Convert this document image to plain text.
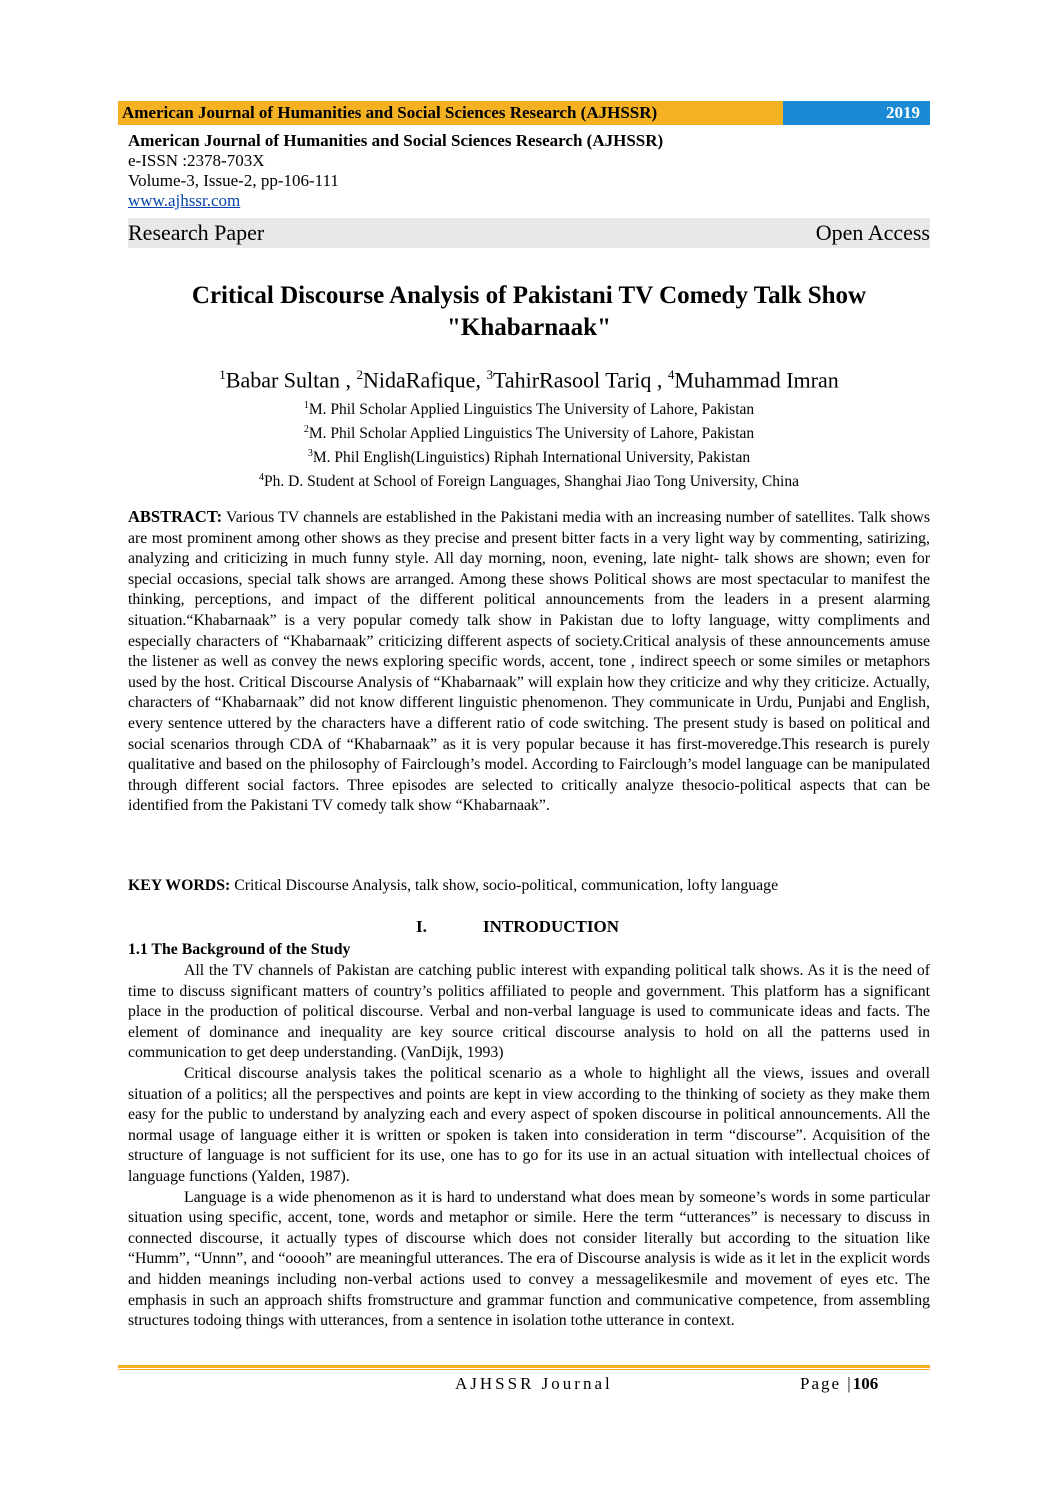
American Journal of Humanities and Social Sciences Research (AJHSSR)	2019
American Journal of Humanities and Social Sciences Research (AJHSSR)
e-ISSN :2378-703X
Volume-3, Issue-2, pp-106-111
www.ajhssr.com
Research Paper	Open Access
Critical Discourse Analysis of Pakistani TV Comedy Talk Show
"Khabarnaak"
$^1$Babar Sultan , $^2$NidaRafique, $^3$TahirRasool Tariq , $^4$Muhammad Imran
$^1$M. Phil Scholar Applied Linguistics The University of Lahore, Pakistan
$^2$M. Phil Scholar Applied Linguistics The University of Lahore, Pakistan
$^3$M. Phil English(Linguistics) Riphah International University, Pakistan
$^4$Ph. D. Student at School of Foreign Languages, Shanghai Jiao Tong University, China
ABSTRACT: Various TV channels are established in the Pakistani media with an increasing number of satellites. Talk shows are most prominent among other shows as they precise and present bitter facts in a very light way by commenting, satirizing, analyzing and criticizing in much funny style. All day morning, noon, evening, late night- talk shows are shown; even for special occasions, special talk shows are arranged. Among these shows Political shows are most spectacular to manifest the thinking, perceptions, and impact of the different political announcements from the leaders in a present alarming situation.“Khabarnaak” is a very popular comedy talk show in Pakistan due to lofty language, witty compliments and especially characters of “Khabarnaak” criticizing different aspects of society.Critical analysis of these announcements amuse the listener as well as convey the news exploring specific words, accent, tone , indirect speech or some similes or metaphors used by the host. Critical Discourse Analysis of “Khabarnaak” will explain how they criticize and why they criticize. Actually, characters of “Khabarnaak” did not know different linguistic phenomenon. They communicate in Urdu, Punjabi and English, every sentence uttered by the characters have a different ratio of code switching. The present study is based on political and social scenarios through CDA of “Khabarnaak” as it is very popular because it has first-moveredge.This research is purely qualitative and based on the philosophy of Fairclough’s model. According to Fairclough’s model language can be manipulated through different social factors. Three episodes are selected to critically analyze thesocio-political aspects that can be identified from the Pakistani TV comedy talk show “Khabarnaak”.
KEY WORDS: Critical Discourse Analysis, talk show, socio-political, communication, lofty language
I.	INTRODUCTION
1.1 The Background of the Study

All the TV channels of Pakistan are catching public interest with expanding political talk shows. As it is the need of time to discuss significant matters of country’s politics affiliated to people and government. This platform has a significant place in the production of political discourse. Verbal and non-verbal language is used to communicate ideas and facts. The element of dominance and inequality are key source critical discourse analysis to hold on all the patterns used in communication to get deep understanding. (VanDijk, 1993)

Critical discourse analysis takes the political scenario as a whole to highlight all the views, issues and overall situation of a politics; all the perspectives and points are kept in view according to the thinking of society as they make them easy for the public to understand by analyzing each and every aspect of spoken discourse in political announcements. All the normal usage of language either it is written or spoken is taken into consideration in term “discourse”. Acquisition of the structure of language is not sufficient for its use, one has to go for its use in an actual situation with intellectual choices of language functions (Yalden, 1987).

Language is a wide phenomenon as it is hard to understand what does mean by someone’s words in some particular situation using specific, accent, tone, words and metaphor or simile. Here the term “utterances” is necessary to discuss in connected discourse, it actually types of discourse which does not consider literally but according to the situation like “Humm”, “Unnn”, and “ooooh” are meaningful utterances. The era of Discourse analysis is wide as it let in the explicit words and hidden meanings including non-verbal actions used to convey a messagelikesmile and movement of eyes etc. The emphasis in such an approach shifts fromstructure and grammar function and communicative competence, from assembling structures todoing things with utterances, from a sentence in isolation tothe utterance in context.

AJHSSR Journal	Page |106
